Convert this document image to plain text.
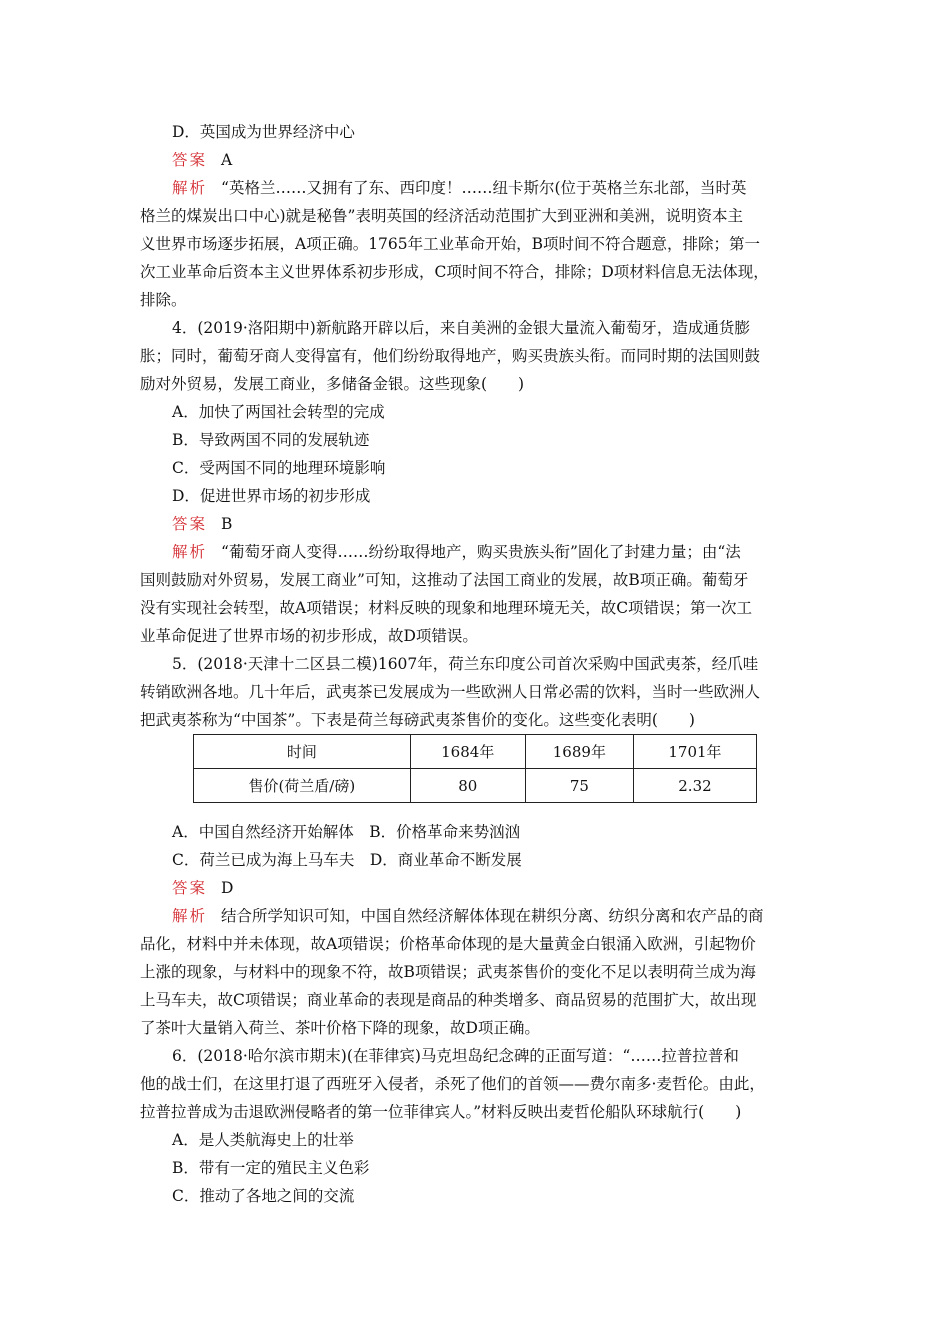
D．英国成为世界经济中心
答案 A
解析 “英格兰……又拥有了东、西印度！……纽卡斯尔(位于英格兰东北部，当时英
格兰的煤炭出口中心)就是秘鲁”表明英国的经济活动范围扩大到亚洲和美洲，说明资本主
义世界市场逐步拓展，A项正确。1765年工业革命开始，B项时间不符合题意，排除；第一
次工业革命后资本主义世界体系初步形成，C项时间不符合，排除；D项材料信息无法体现，
排除。
4．(2019·洛阳期中)新航路开辟以后，来自美洲的金银大量流入葡萄牙，造成通货膨
胀；同时，葡萄牙商人变得富有，他们纷纷取得地产，购买贵族头衔。而同时期的法国则鼓
励对外贸易，发展工商业，多储备金银。这些现象(　　)
A．加快了两国社会转型的完成
B．导致两国不同的发展轨迹
C．受两国不同的地理环境影响
D．促进世界市场的初步形成
答案 B
解析 “葡萄牙商人变得……纷纷取得地产，购买贵族头衔”固化了封建力量；由“法
国则鼓励对外贸易，发展工商业”可知，这推动了法国工商业的发展，故B项正确。葡萄牙
没有实现社会转型，故A项错误；材料反映的现象和地理环境无关，故C项错误；第一次工
业革命促进了世界市场的初步形成，故D项错误。
5．(2018·天津十二区县二模)1607年，荷兰东印度公司首次采购中国武夷茶，经爪哇
转销欧洲各地。几十年后，武夷茶已发展成为一些欧洲人日常必需的饮料，当时一些欧洲人
把武夷茶称为“中国茶”。下表是荷兰每磅武夷茶售价的变化。这些变化表明(　　)
时间	1684年	1689年	1701年
售价(荷兰盾/磅)	80	75	2.32
A．中国自然经济开始解体　B．价格革命来势汹汹
C．荷兰已成为海上马车夫　D．商业革命不断发展
答案 D
解析 结合所学知识可知，中国自然经济解体体现在耕织分离、纺织分离和农产品的商
品化，材料中并未体现，故A项错误；价格革命体现的是大量黄金白银涌入欧洲，引起物价
上涨的现象，与材料中的现象不符，故B项错误；武夷茶售价的变化不足以表明荷兰成为海
上马车夫，故C项错误；商业革命的表现是商品的种类增多、商品贸易的范围扩大，故出现
了茶叶大量销入荷兰、茶叶价格下降的现象，故D项正确。
6．(2018·哈尔滨市期末)(在菲律宾)马克坦岛纪念碑的正面写道：“……拉普拉普和
他的战士们，在这里打退了西班牙入侵者，杀死了他们的首领——费尔南多·麦哲伦。由此，
拉普拉普成为击退欧洲侵略者的第一位菲律宾人。”材料反映出麦哲伦船队环球航行(　　)
A．是人类航海史上的壮举
B．带有一定的殖民主义色彩
C．推动了各地之间的交流
